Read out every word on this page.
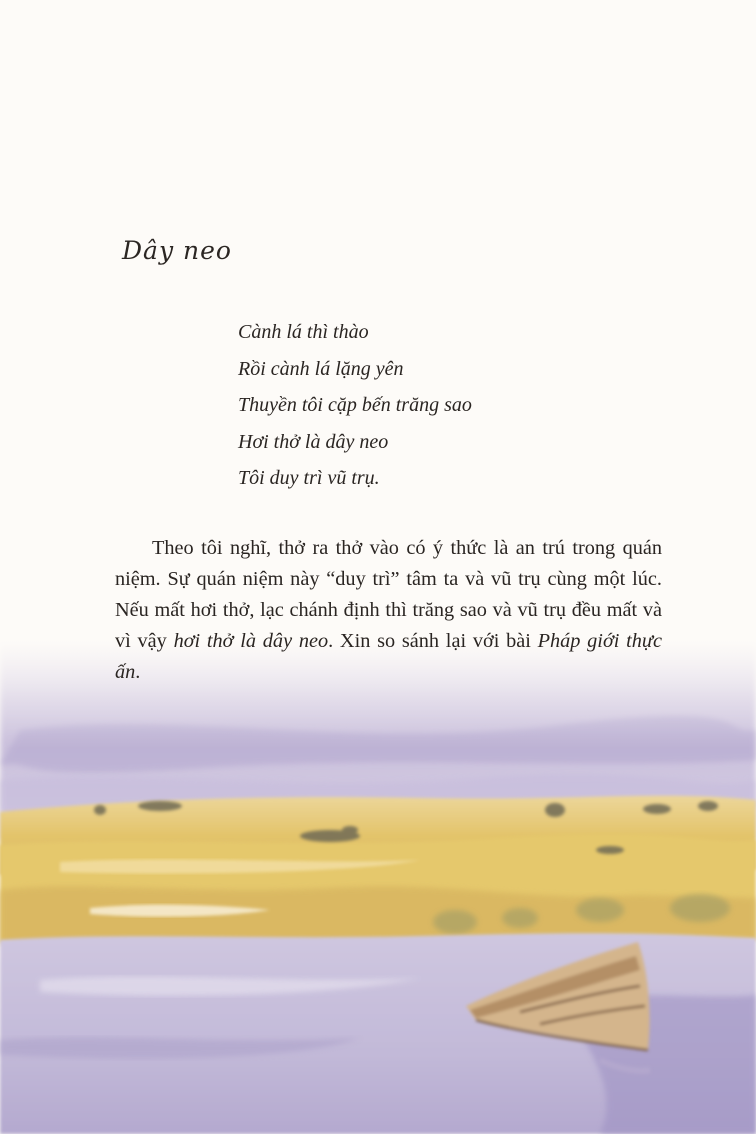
Dây neo
Cành lá thì thào
Rồi cành lá lặng yên
Thuyền tôi cặp bến trăng sao
Hơi thở là dây neo
Tôi duy trì vũ trụ.

Theo tôi nghĩ, thở ra thở vào có ý thức là an trú trong quán niệm. Sự quán niệm này “duy trì” tâm ta và vũ trụ cùng một lúc. Nếu mất hơi thở, lạc chánh định thì trăng sao và vũ trụ đều mất và vì vậy hơi thở là dây neo. Xin so sánh lại với bài Pháp giới thực ấn.
